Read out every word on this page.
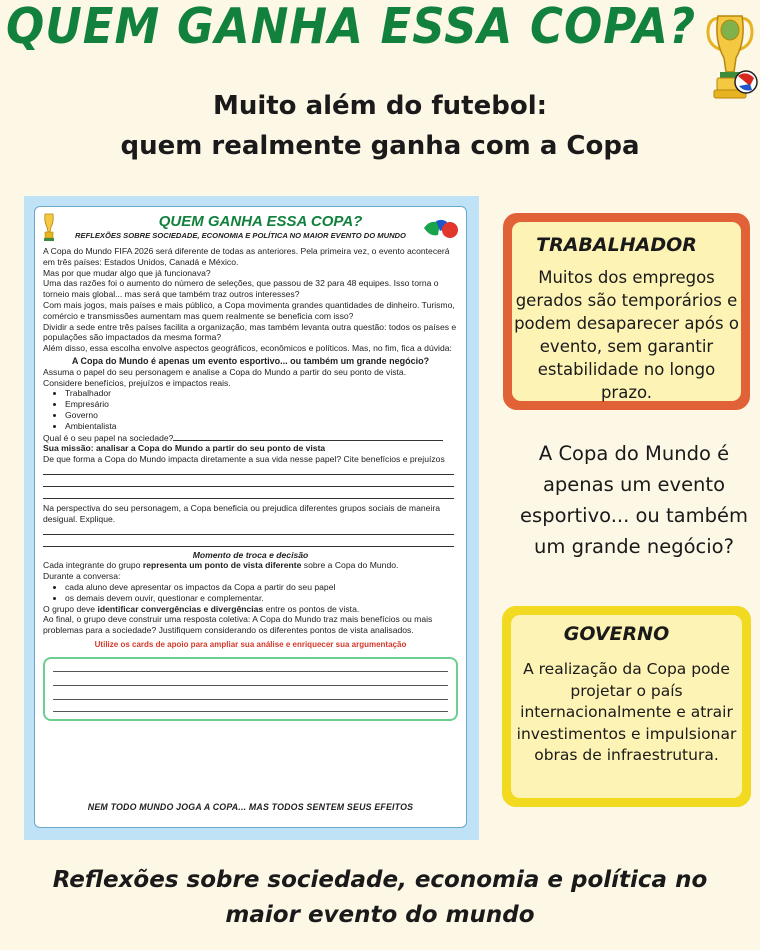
QUEM GANHA ESSA COPA?
Muito além do futebol:
quem realmente ganha com a Copa
QUEM GANHA ESSA COPA?
REFLEXÕES SOBRE SOCIEDADE, ECONOMIA E POLÍTICA NO MAIOR EVENTO DO MUNDO

A Copa do Mundo FIFA 2026 será diferente de todas as anteriores. Pela primeira vez, o evento acontecerá em três países: Estados Unidos, Canadá e México.

Mas por que mudar algo que já funcionava?

Uma das razões foi o aumento do número de seleções, que passou de 32 para 48 equipes. Isso torna o torneio mais global... mas será que também traz outros interesses?

Com mais jogos, mais países e mais público, a Copa movimenta grandes quantidades de dinheiro. Turismo, comércio e transmissões aumentam mas quem realmente se beneficia com isso?

Dividir a sede entre três países facilita a organização, mas também levanta outra questão: todos os países e populações são impactados da mesma forma?

Além disso, essa escolha envolve aspectos geográficos, econômicos e políticos. Mas, no fim, fica a dúvida:

A Copa do Mundo é apenas um evento esportivo... ou também um grande negócio?

Assuma o papel do seu personagem e analise a Copa do Mundo a partir do seu ponto de vista.

Considere benefícios, prejuízos e impactos reais.

• Trabalhador
• Empresário
• Governo
• Ambientalista

Qual é o seu papel na sociedade?

Sua missão: analisar a Copa do Mundo a partir do seu ponto de vista

De que forma a Copa do Mundo impacta diretamente a sua vida nesse papel? Cite benefícios e prejuízos

Na perspectiva do seu personagem, a Copa beneficia ou prejudica diferentes grupos sociais de maneira desigual. Explique.

Momento de troca e decisão

Cada integrante do grupo representa um ponto de vista diferente sobre a Copa do Mundo.

Durante a conversa:

• cada aluno deve apresentar os impactos da Copa a partir do seu papel
• os demais devem ouvir, questionar e complementar.

O grupo deve identificar convergências e divergências entre os pontos de vista.

Ao final, o grupo deve construir uma resposta coletiva: A Copa do Mundo traz mais benefícios ou mais problemas para a sociedade? Justifiquem considerando os diferentes pontos de vista analisados.

Utilize os cards de apoio para ampliar sua análise e enriquecer sua argumentação

NEM TODO MUNDO JOGA A COPA... MAS TODOS SENTEM SEUS EFEITOS
TRABALHADOR
Muitos dos empregos gerados são temporários e podem desaparecer após o evento, sem garantir estabilidade no longo prazo.
A Copa do Mundo é apenas um evento esportivo... ou também um grande negócio?
GOVERNO
A realização da Copa pode projetar o país internacionalmente e atrair investimentos e impulsionar obras de infraestrutura.
Reflexões sobre sociedade, economia e política no
maior evento do mundo
